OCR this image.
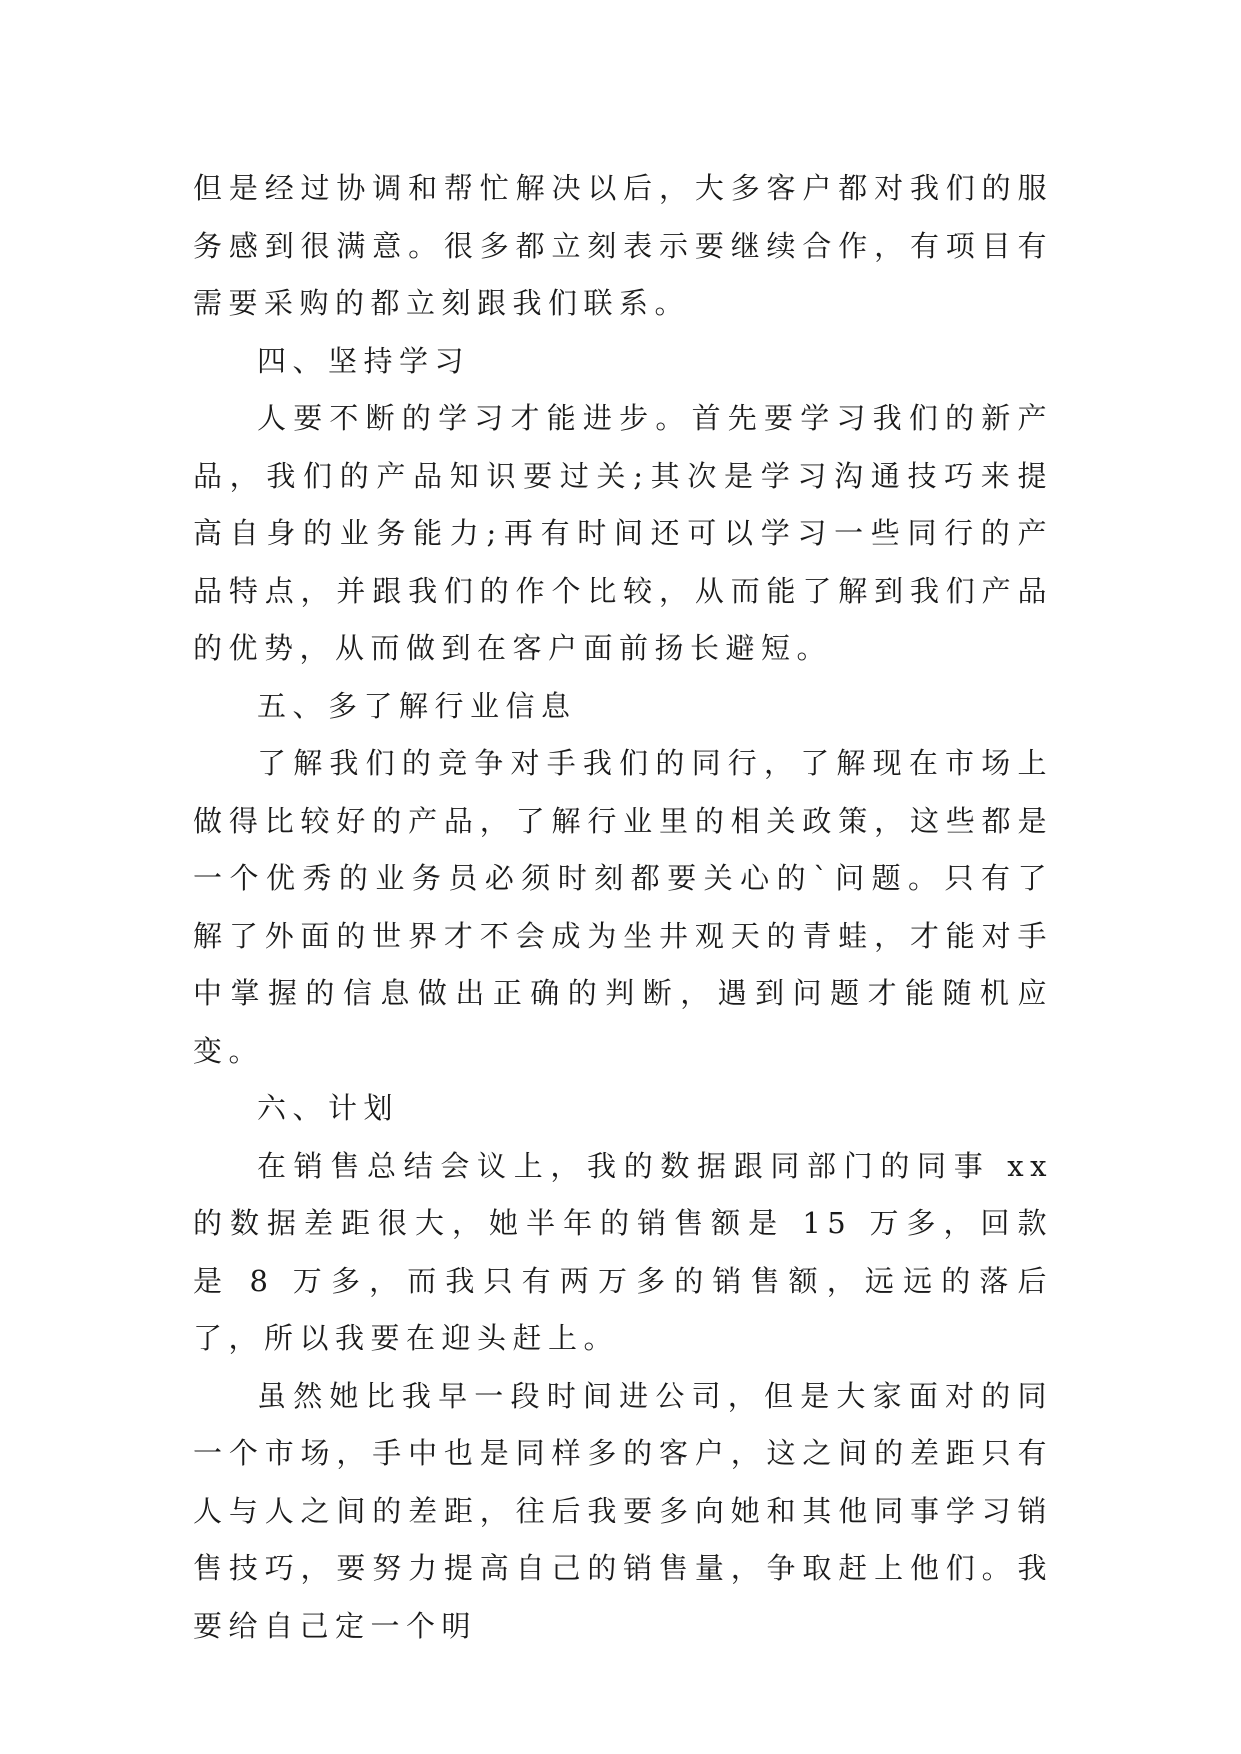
但是经过协调和帮忙解决以后，大多客户都对我们的服务感到很满意。很多都立刻表示要继续合作，有项目有需要采购的都立刻跟我们联系。

四、坚持学习

人要不断的学习才能进步。首先要学习我们的新产品，我们的产品知识要过关;其次是学习沟通技巧来提高自身的业务能力;再有时间还可以学习一些同行的产品特点，并跟我们的作个比较，从而能了解到我们产品的优势，从而做到在客户面前扬长避短。

五、多了解行业信息

了解我们的竞争对手我们的同行，了解现在市场上做得比较好的产品，了解行业里的相关政策，这些都是一个优秀的业务员必须时刻都要关心的`问题。只有了解了外面的世界才不会成为坐井观天的青蛙，才能对手中掌握的信息做出正确的判断，遇到问题才能随机应变。

六、计划

在销售总结会议上，我的数据跟同部门的同事 xx 的数据差距很大，她半年的销售额是 15 万多，回款是 8 万多，而我只有两万多的销售额，远远的落后了，所以我要在迎头赶上。

虽然她比我早一段时间进公司，但是大家面对的同一个市场，手中也是同样多的客户，这之间的差距只有人与人之间的差距，往后我要多向她和其他同事学习销售技巧，要努力提高自己的销售量，争取赶上他们。我要给自己定一个明
